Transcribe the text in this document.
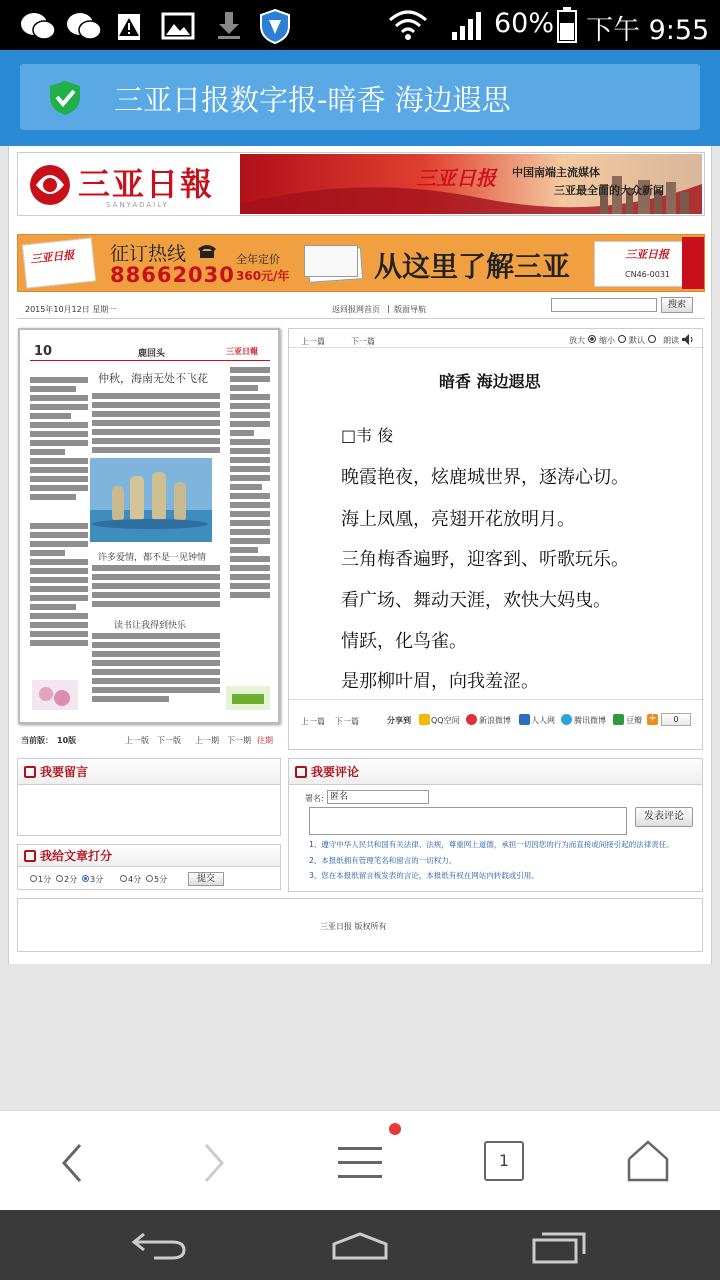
60% 下午 9:55
三亚日报数字报-暗香 海边遐思
三亚日報
SANYADAILY
三亚日报 中国南端主流媒体
三亚最全面的大众新闻
三亚日报 征订热线
88662030
全年定价
360元/年	从这里了解三亚	三亚日报
CN46-0031
2015年10月12日 星期一	返回报网首页 | 版面导航	搜索
10	鹿回头	三亚日報
仲秋，海南无处不飞花
许多爱情，都不是一见钟情
读书让我得到快乐
当前版： 10版	上一版 下一版 上一期 下一期 往期
上一篇	下一篇	放大 缩小 默认 朗读
暗香 海边遐思
□韦 俊
晚霞艳夜，炫鹿城世界，逐涛心切。
海上凤凰，亮翅开花放明月。
三角梅香遍野，迎客到、听歌玩乐。
看广场、舞动天涯，欢快大妈曳。
情跃，化鸟雀。
是那柳叶眉，向我羞涩。
上一篇 下一篇	分享到	QQ空间 新浪微博	人人网 腾讯微博	豆瓣 +	0
我要留言	我要评论
署名: 匿名
发表评论
1、遵守中华人民共和国有关法律、法规，尊重网上道德，承担一切因您的行为而直接或间接引起的法律责任。
2、本报纸拥有管理笔名和留言的一切权力。
3、您在本报纸留言板发表的言论，本报纸有权在网站内转载或引用。
我给文章打分
1分 2分 3分	4分 5分	提交
三亚日报 版权所有
1
